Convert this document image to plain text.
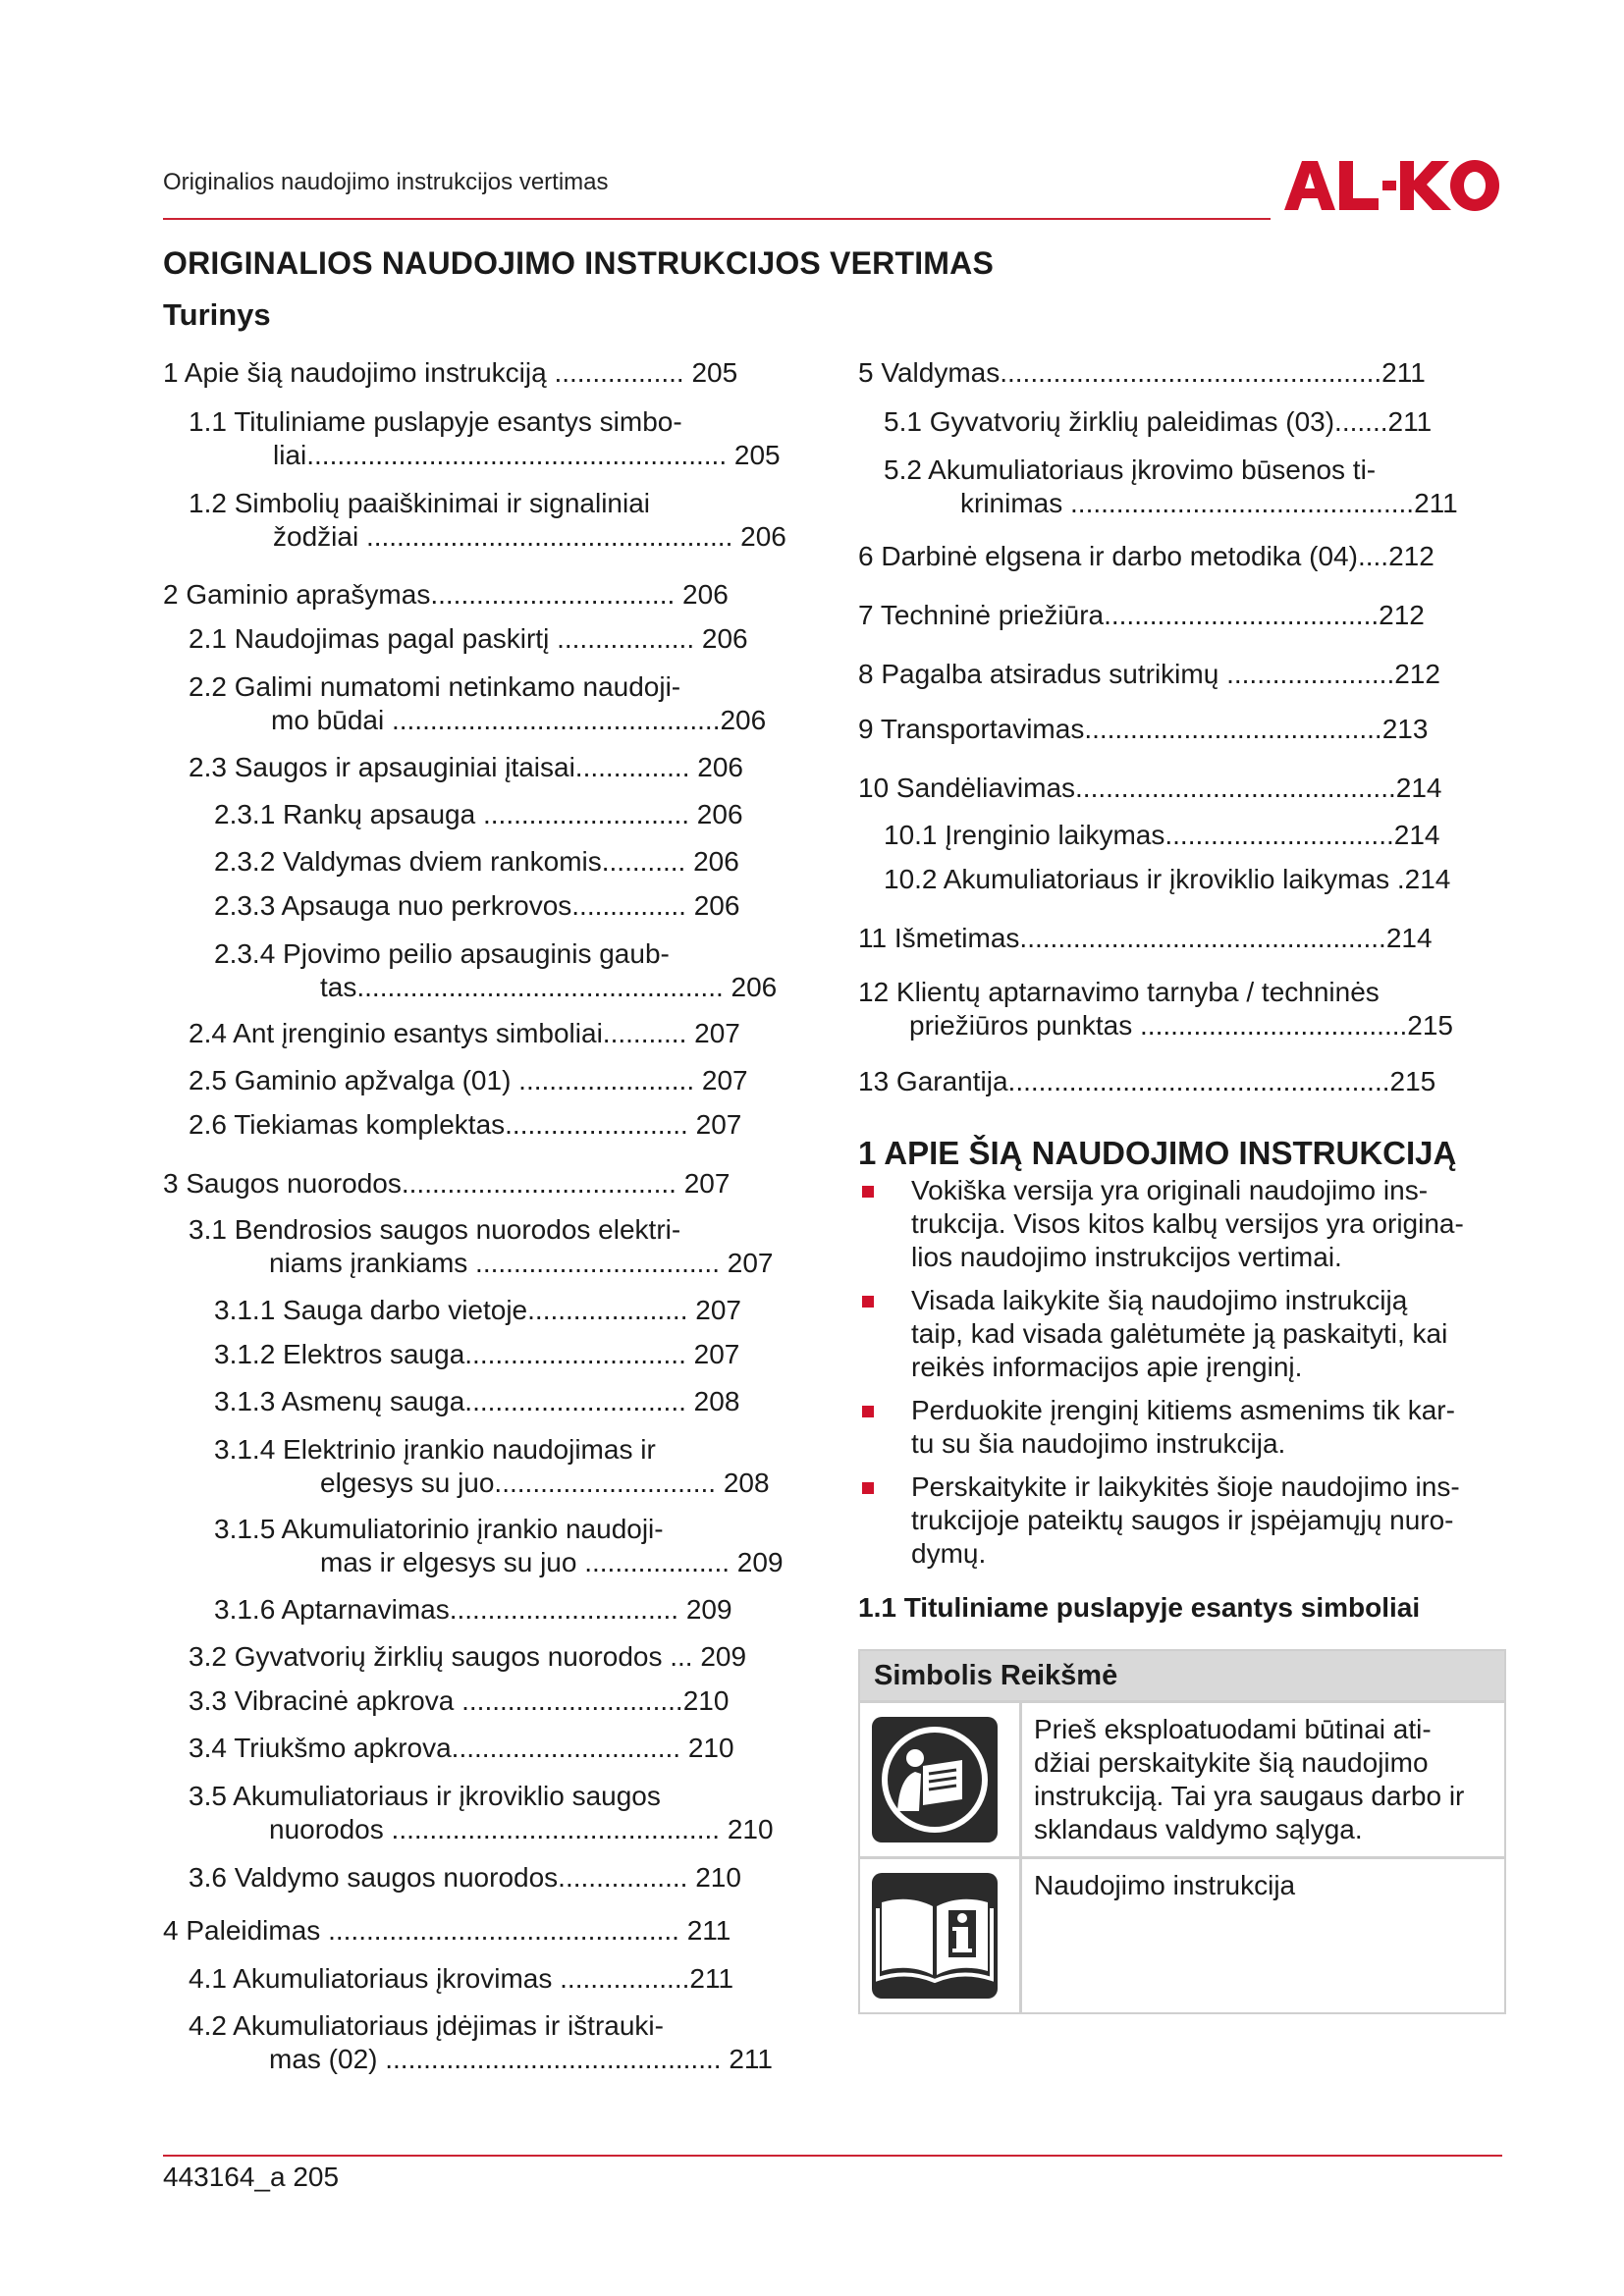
Originalios naudojimo instrukcijos vertimas
ORIGINALIOS NAUDOJIMO INSTRUKCIJOS VERTIMAS
Turinys
1 Apie šią naudojimo instrukciją ................. 205
1.1 Tituliniame puslapyje esantys simbo-
liai....................................................... 205
1.2 Simbolių paaiškinimai ir signaliniai
žodžiai ................................................ 206
2 Gaminio aprašymas................................ 206
2.1 Naudojimas pagal paskirtį .................. 206
2.2 Galimi numatomi netinkamo naudoji-
mo būdai ...........................................206
2.3 Saugos ir apsauginiai įtaisai............... 206
2.3.1 Rankų apsauga ........................... 206
2.3.2 Valdymas dviem rankomis........... 206
2.3.3 Apsauga nuo perkrovos............... 206
2.3.4 Pjovimo peilio apsauginis gaub-
tas................................................ 206
2.4 Ant įrenginio esantys simboliai........... 207
2.5 Gaminio apžvalga (01) ....................... 207
2.6 Tiekiamas komplektas........................ 207
3 Saugos nuorodos.................................... 207
3.1 Bendrosios saugos nuorodos elektri-
niams įrankiams ................................ 207
3.1.1 Sauga darbo vietoje..................... 207
3.1.2 Elektros sauga............................. 207
3.1.3 Asmenų sauga............................. 208
3.1.4 Elektrinio įrankio naudojimas ir
elgesys su juo............................. 208
3.1.5 Akumuliatorinio įrankio naudoji-
mas ir elgesys su juo ................... 209
3.1.6 Aptarnavimas.............................. 209
3.2 Gyvatvorių žirklių saugos nuorodos ... 209
3.3 Vibracinė apkrova .............................210
3.4 Triukšmo apkrova.............................. 210
3.5 Akumuliatoriaus ir įkroviklio saugos
nuorodos ........................................... 210
3.6 Valdymo saugos nuorodos................. 210
4 Paleidimas .............................................. 211
4.1 Akumuliatoriaus įkrovimas .................211
4.2 Akumuliatoriaus įdėjimas ir ištrauki-
mas (02) ............................................ 211
5 Valdymas..................................................211
5.1 Gyvatvorių žirklių paleidimas (03).......211
5.2 Akumuliatoriaus įkrovimo būsenos ti-
krinimas .............................................211
6 Darbinė elgsena ir darbo metodika (04)....212
7 Techninė priežiūra....................................212
8 Pagalba atsiradus sutrikimų ......................212
9 Transportavimas.......................................213
10 Sandėliavimas..........................................214
10.1 Įrenginio laikymas..............................214
10.2 Akumuliatoriaus ir įkroviklio laikymas .214
11 Išmetimas................................................214
12 Klientų aptarnavimo tarnyba / techninės
priežiūros punktas ...................................215
13 Garantija..................................................215
1 APIE ŠIĄ NAUDOJIMO INSTRUKCIJĄ
Vokiška versija yra originali naudojimo ins-
trukcija. Visos kitos kalbų versijos yra origina-
lios naudojimo instrukcijos vertimai.
Visada laikykite šią naudojimo instrukciją
taip, kad visada galėtumėte ją paskaityti, kai
reikės informacijos apie įrenginį.
Perduokite įrenginį kitiems asmenims tik kar-
tu su šia naudojimo instrukcija.
Perskaitykite ir laikykitės šioje naudojimo ins-
trukcijoje pateiktų saugos ir įspėjamųjų nuro-
dymų.
1.1 Tituliniame puslapyje esantys simboliai
Simbolis Reikšmė
Prieš eksploatuodami būtinai ati-
džiai perskaitykite šią naudojimo
instrukciją. Tai yra saugaus darbo ir
sklandaus valdymo sąlyga.
Naudojimo instrukcija
443164_a 205
